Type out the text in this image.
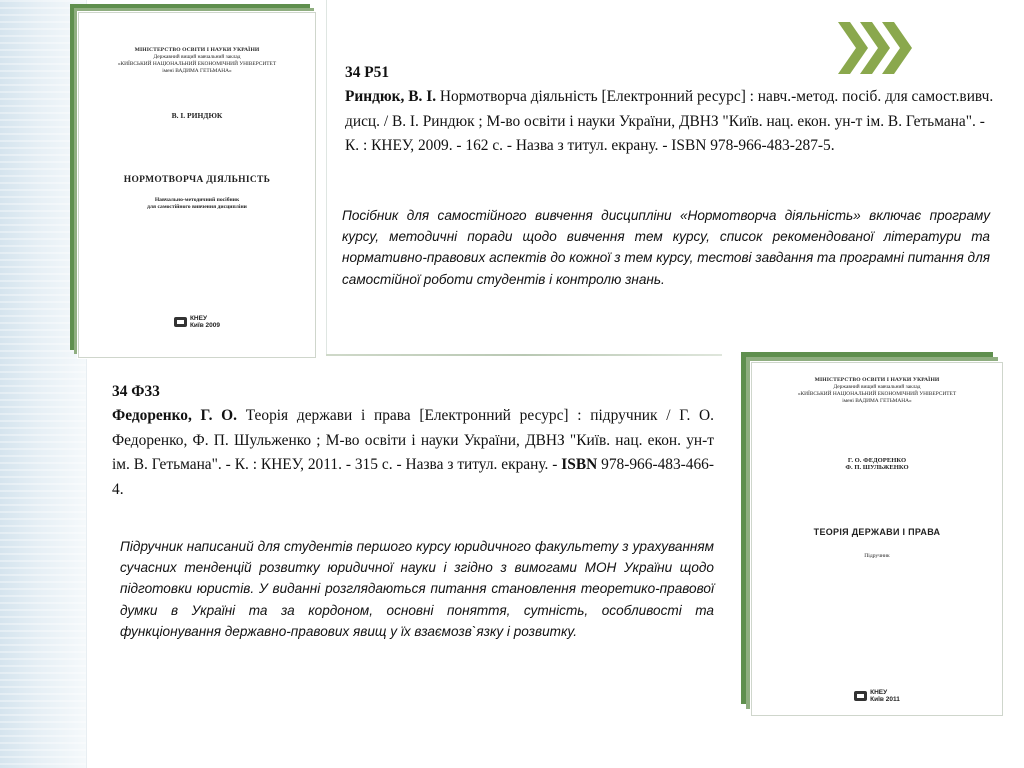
МІНІСТЕРСТВО ОСВІТИ І НАУКИ УКРАЇНИ
Державний вищий навчальний заклад
«КИЇВСЬКИЙ НАЦІОНАЛЬНИЙ ЕКОНОМІЧНИЙ УНІВЕРСИТЕТ
імені ВАДИМА ГЕТЬМАНА»
В. І. РИНДЮК
НОРМОТВОРЧА ДІЯЛЬНІСТЬ
Навчально-методичний посібник
для самостійного вивчення дисципліни
КНЕУ
Київ 2009
34 Р51
Риндюк, В. І. Нормотворча діяльність [Електронний ресурс] : навч.-метод. посіб. для самост.вивч. дисц. / В. І. Риндюк ; М-во освіти і науки України, ДВНЗ "Київ. нац. екон. ун-т ім. В. Гетьмана". - К. : КНЕУ, 2009. - 162 с. - Назва з титул. екрану. - ISBN 978-966-483-287-5.
Посібник для самостійного вивчення дисципліни «Нормотворча діяльність» включає програму курсу, методичні поради щодо вивчення тем курсу, список рекомендованої літератури та нормативно-правових аспектів до кожної з тем курсу, тестові завдання та програмні питання для самостійної роботи студентів і контролю знань.
34 Ф33
Федоренко, Г. О. Теорія держави і права [Електронний ресурс] : підручник / Г. О. Федоренко, Ф. П. Шульженко ; М-во освіти і науки України, ДВНЗ "Київ. нац. екон. ун-т ім. В. Гетьмана". - К. : КНЕУ, 2011. - 315 с. - Назва з титул. екрану. - ISBN 978-966-483-466-4.
Підручник написаний для студентів першого курсу юридичного факультету з урахуванням сучасних тенденцій розвитку юридичної науки і згідно з вимогами МОН України щодо підготовки юристів. У виданні розглядаються питання становлення теоретико-правової думки в Україні та за кордоном, основні поняття, сутність, особливості та функціонування державно-правових явищ у їх взаємозв`язку і розвитку.
МІНІСТЕРСТВО ОСВІТИ І НАУКИ УКРАЇНИ
Державний вищий навчальний заклад
«КИЇВСЬКИЙ НАЦІОНАЛЬНИЙ ЕКОНОМІЧНИЙ УНІВЕРСИТЕТ
імені ВАДИМА ГЕТЬМАНА»
Г. О. ФЕДОРЕНКО
Ф. П. ШУЛЬЖЕНКО
ТЕОРІЯ ДЕРЖАВИ І ПРАВА
Підручник
КНЕУ
Київ 2011
